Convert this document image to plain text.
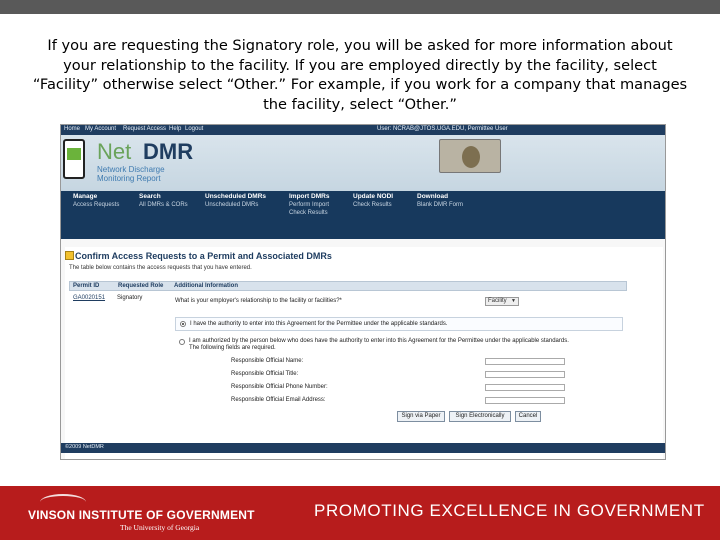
If you are requesting the Signatory role, you will be asked for more information about your relationship to the facility. If you are employed directly by the facility, select “Facility” otherwise select “Other.” For example, if you work for a company that manages the facility, select “Other.”
Home My Account Request Access Help Logout	User: NCRAB@JTOS.UGA.EDU, Permittee User
Net DMR
Network Discharge
Monitoring Report
Manage
Access Requests
Search
All DMRs & CORs
Unscheduled DMRs
Unscheduled DMRs
Import DMRs
Perform Import
Check Results
Update NODI
Check Results
Download
Blank DMR Form
Confirm Access Requests to a Permit and Associated DMRs
The table below contains the access requests that you have entered.
Permit ID	Requested Role Additional Information
GA0020151 Signatory	What is your employer's relationship to the facility or facilities?*	Facility ▼
I have the authority to enter into this Agreement for the Permittee under the applicable standards.
I am authorized by the person below who does have the authority to enter into this Agreement for the Permittee under the applicable standards.
The following fields are required.
Responsible Official Name:
Responsible Official Title:
Responsible Official Phone Number:
Responsible Official Email Address:
Sign via Paper	Sign Electronically	Cancel
©2009 NetDMR
VINSON INSTITUTE OF GOVERNMENT
The University of Georgia
PROMOTING EXCELLENCE IN GOVERNMENT
